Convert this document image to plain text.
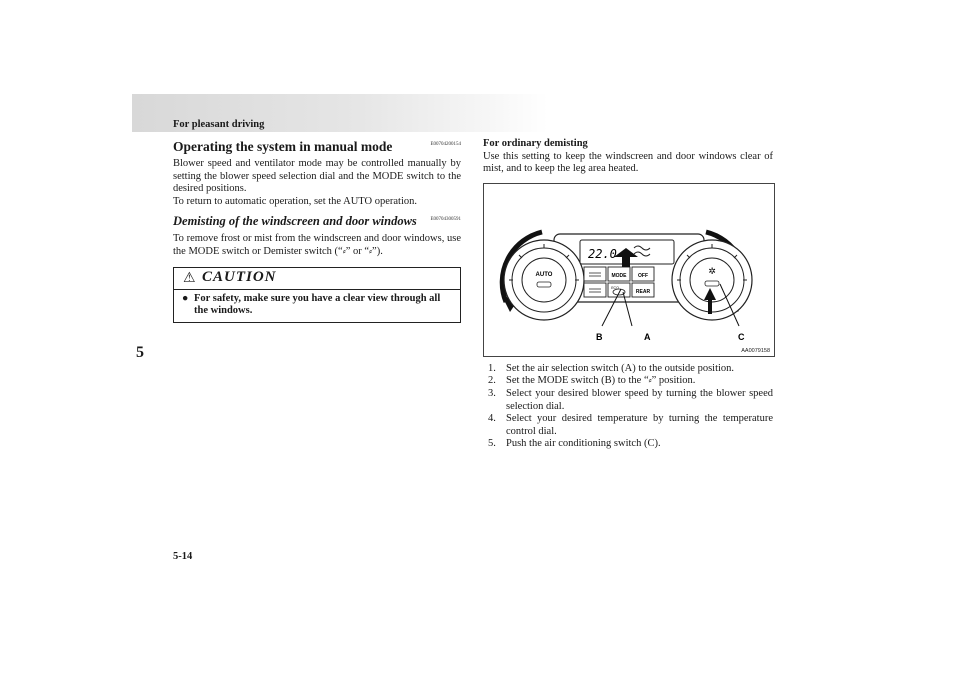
For pleasant driving
5
5-14
Operating the system in manual mode	E00704200154

Blower speed and ventilator mode may be controlled manually by setting the blower speed selection dial and the MODE switch to the desired positions.

To return to automatic operation, set the AUTO operation.

Demisting of the windscreen and door windows	E00704300591

To remove frost or mist from the windscreen and door windows, use the MODE switch or Demister switch (“⸗” or “⸗”).

⚠ CAUTION
● For safety, make sure you have a clear view through all the windows.
For ordinary demisting

Use this setting to keep the windscreen and door windows clear of mist, and to keep the leg area heated.

AUTO	✲
22.0
MODE OFF
ECO
REAR
B	A	C
AA0079158
1. Set the air selection switch (A) to the outside position.
2. Set the MODE switch (B) to the “⸗” position.
3. Select your desired blower speed by turning the blower speed selection dial.
4. Select your desired temperature by turning the temperature control dial.
5. Push the air conditioning switch (C).
